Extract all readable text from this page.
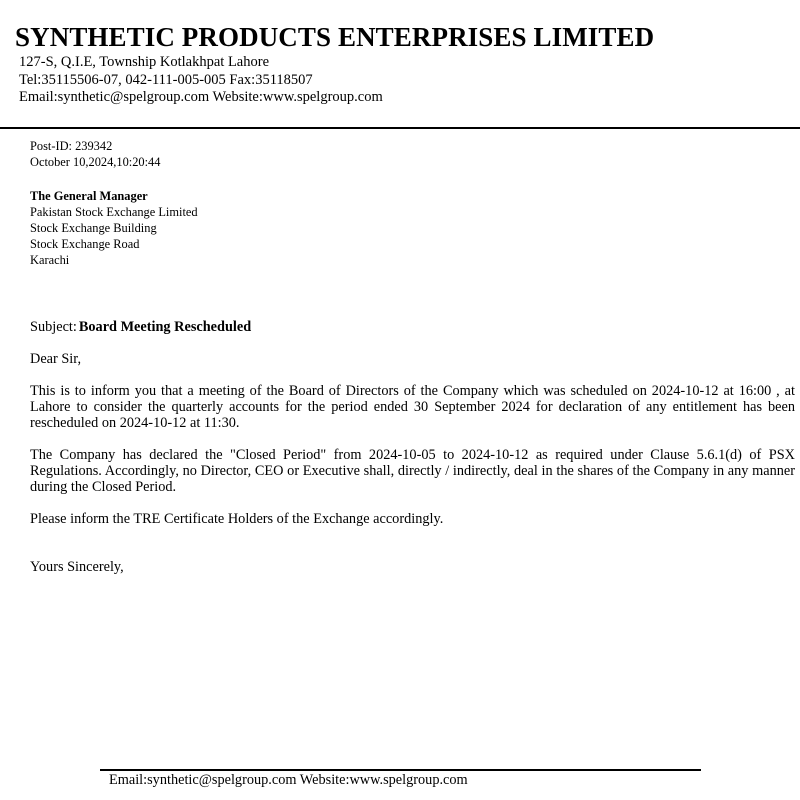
SYNTHETIC PRODUCTS ENTERPRISES LIMITED
127-S, Q.I.E, Township Kotlakhpat Lahore
Tel:35115506-07, 042-111-005-005 Fax:35118507
Email:synthetic@spelgroup.com Website:www.spelgroup.com
Post-ID: 239342
October 10,2024,10:20:44
The General Manager
Pakistan Stock Exchange Limited
Stock Exchange Building
Stock Exchange Road
Karachi
Subject: Board Meeting Rescheduled
Dear Sir,
This is to inform you that a meeting of the Board of Directors of the Company which was scheduled on 2024-10-12 at 16:00 , at Lahore to consider the quarterly accounts for the period ended 30 September 2024 for declaration of any entitlement has been rescheduled on 2024-10-12 at 11:30.
The Company has declared the "Closed Period" from 2024-10-05 to 2024-10-12 as required under Clause 5.6.1(d) of PSX Regulations. Accordingly, no Director, CEO or Executive shall, directly / indirectly, deal in the shares of the Company in any manner during the Closed Period.
Please inform the TRE Certificate Holders of the Exchange accordingly.
Yours Sincerely,
Email:synthetic@spelgroup.com Website:www.spelgroup.com
